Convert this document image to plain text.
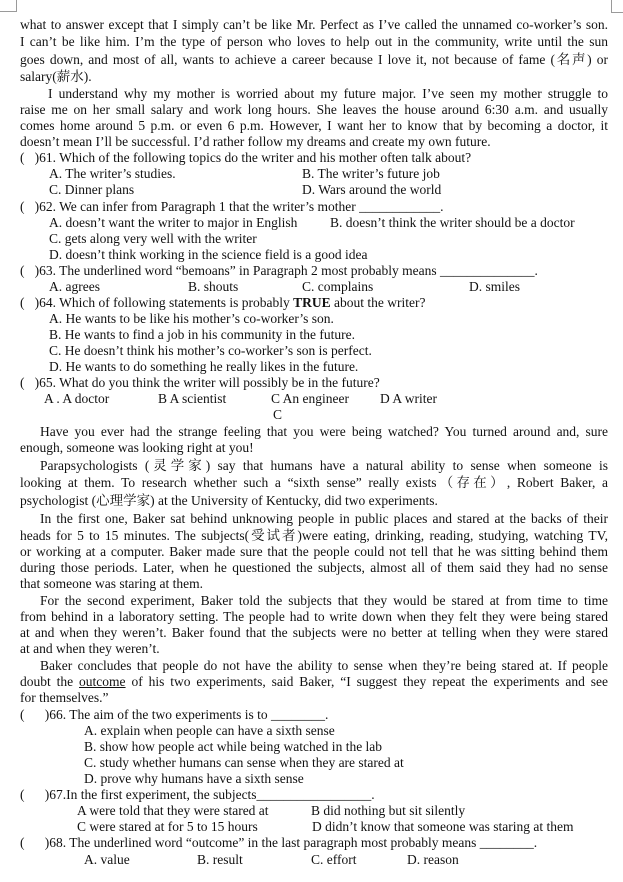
what to answer except that I simply can’t be like Mr. Perfect as I’ve called the unnamed co-worker’s son.
I can’t be like him. I’m the type of person who loves to help out in the community, write until the sun
goes down, and most of all, wants to achieve a career because I love it, not because of fame (名声) or
salary(薪水).
I understand why my mother is worried about my future major. I’ve seen my mother struggle to
raise me on her small salary and work long hours. She leaves the house around 6:30 a.m. and usually
comes home around 5 p.m. or even 6 p.m. However, I want her to know that by becoming a doctor, it
doesn’t mean I’ll be successful. I’d rather follow my dreams and create my own future.
(   )61. Which of the following topics do the writer and his mother often talk about?
A. The writer’s studies.	B. The writer’s future job
C. Dinner plans	D. Wars around the world
(   )62. We can infer from Paragraph 1 that the writer’s mother ____________.
A. doesn’t want the writer to major in English B. doesn’t think the writer should be a doctor
C. gets along very well with the writer
D. doesn’t think working in the science field is a good idea
(   )63. The underlined word “bemoans” in Paragraph 2 most probably means ______________.
A. agrees	B. shouts	C. complains	D. smiles
(   )64. Which of following statements is probably TRUE about the writer?
A. He wants to be like his mother’s co-worker’s son.
B. He wants to find a job in his community in the future.
C. He doesn’t think his mother’s co-worker’s son is perfect.
D. He wants to do something he really likes in the future.
(   )65. What do you think the writer will possibly be in the future?
A . A doctor	B A scientist	C An engineer D A writer
C
Have you ever had the strange feeling that you were being watched? You turned around and, sure
enough, someone was looking right at you!
Parapsychologists (灵学家) say that humans have a natural ability to sense when someone is
looking at them. To research whether such a “sixth sense” really exists（存在）, Robert Baker, a
psychologist (心理学家) at the University of Kentucky, did two experiments.
In the first one, Baker sat behind unknowing people in public places and stared at the backs of their
heads for 5 to 15 minutes. The subjects(受试者)were eating, drinking, reading, studying, watching TV,
or working at a computer. Baker made sure that the people could not tell that he was sitting behind them
during those periods. Later, when he questioned the subjects, almost all of them said they had no sense
that someone was staring at them.
For the second experiment, Baker told the subjects that they would be stared at from time to time
from behind in a laboratory setting. The people had to write down when they felt they were being stared
at and when they weren’t. Baker found that the subjects were no better at telling when they were stared
at and when they weren’t.
Baker concludes that people do not have the ability to sense when they’re being stared at. If people
doubt the outcome of his two experiments, said Baker, “I suggest they repeat the experiments and see
for themselves.”
(      )66. The aim of the two experiments is to ________.
A. explain when people can have a sixth sense
B. show how people act while being watched in the lab
C. study whether humans can sense when they are stared at
D. prove why humans have a sixth sense
(      )67.In the first experiment, the subjects_________________.
A were told that they were stared at	B did nothing but sit silently
C were stared at for 5 to 15 hours	D didn’t know that someone was staring at them
(      )68. The underlined word “outcome” in the last paragraph most probably means ________.
A. value	B. result	C. effort	D. reason
